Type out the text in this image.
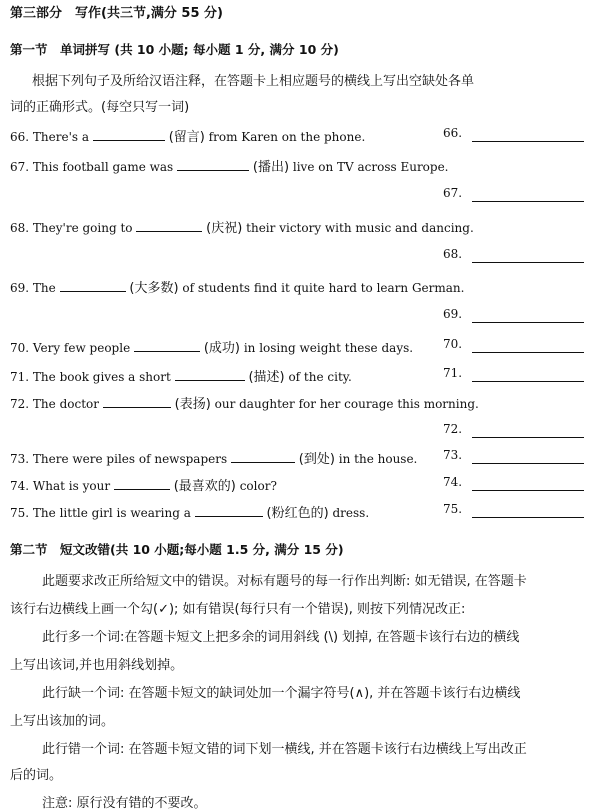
第三部分　写作(共三节,满分 55 分)
第一节　单词拼写 (共 10 小题; 每小题 1 分, 满分 10 分)
根据下列句子及所给汉语注释，在答题卡上相应题号的横线上写出空缺处各单
词的正确形式。(每空只写一词)
66. There's a	(留言) from Karen on the phone.	66.
67. This football game was	(播出) live on TV across Europe.
67.
68. They're going to	(庆祝) their victory with music and dancing.
68.
69. The	(大多数) of students find it quite hard to learn German.
69.
70. Very few people	(成功) in losing weight these days. 70.
71. The book gives a short	(描述) of the city.	71.
72. The doctor	(表扬) our daughter for her courage this morning.
72.
73. There were piles of newspapers	(到处) in the house. 73.
74. What is your	(最喜欢的) color?	74.
75. The little girl is wearing a	(粉红色的) dress.	75.
第二节　短文改错(共 10 小题;每小题 1.5 分, 满分 15 分)
此题要求改正所给短文中的错误。对标有题号的每一行作出判断: 如无错误, 在答题卡
该行右边横线上画一个勾(✓); 如有错误(每行只有一个错误), 则按下列情况改正:
此行多一个词:在答题卡短文上把多余的词用斜线 (\) 划掉, 在答题卡该行右边的横线
上写出该词,并也用斜线划掉。
此行缺一个词: 在答题卡短文的缺词处加一个漏字符号(∧), 并在答题卡该行右边横线
上写出该加的词。
此行错一个词: 在答题卡短文错的词下划一横线, 并在答题卡该行右边横线上写出改正
后的词。
注意: 原行没有错的不要改。
